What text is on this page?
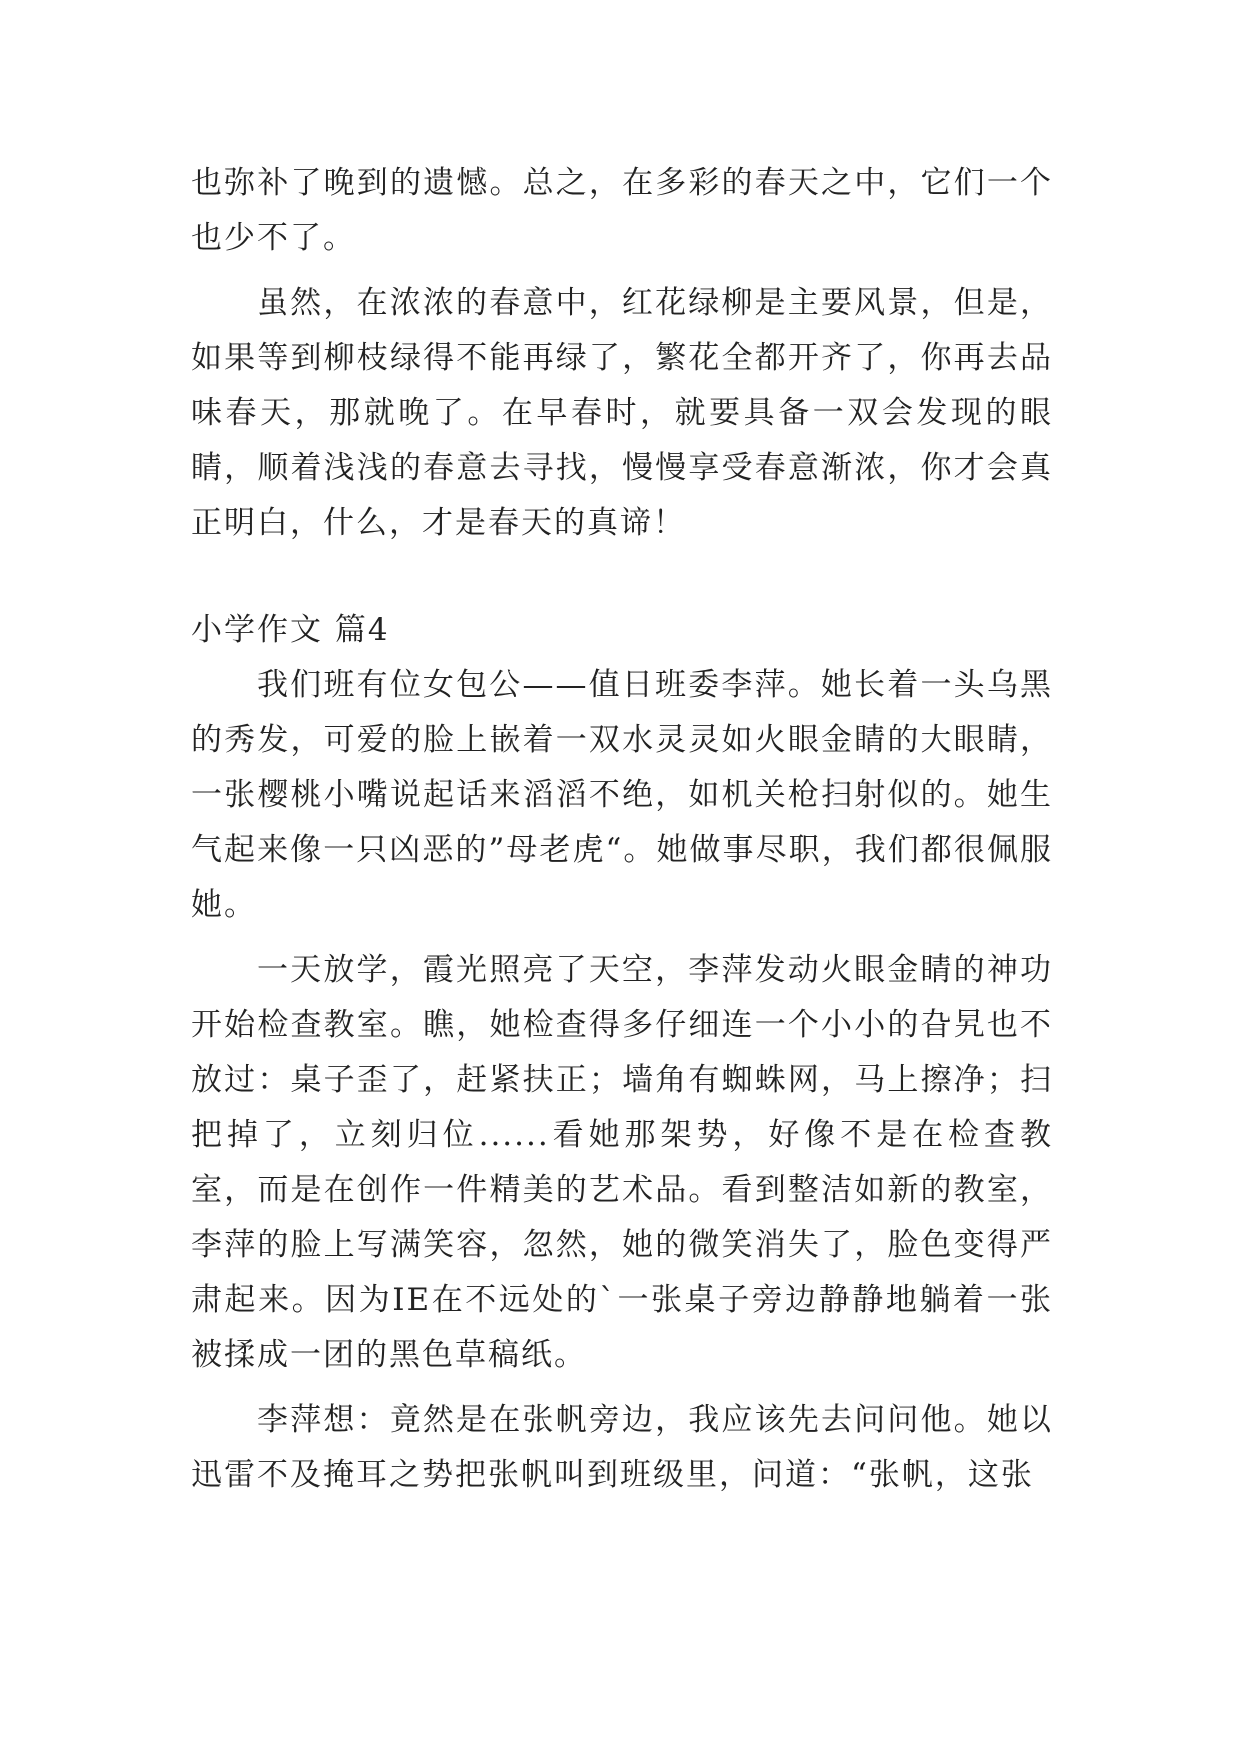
也弥补了晚到的遗憾。总之，在多彩的春天之中，它们一个也少不了。

虽然，在浓浓的春意中，红花绿柳是主要风景，但是，如果等到柳枝绿得不能再绿了，繁花全都开齐了，你再去品味春天，那就晚了。在早春时，就要具备一双会发现的眼睛，顺着浅浅的春意去寻找，慢慢享受春意渐浓，你才会真正明白，什么，才是春天的真谛！

小学作文 篇4

我们班有位女包公——值日班委李萍。她长着一头乌黑的秀发，可爱的脸上嵌着一双水灵灵如火眼金睛的大眼睛，一张樱桃小嘴说起话来滔滔不绝，如机关枪扫射似的。她生气起来像一只凶恶的”母老虎“。她做事尽职，我们都很佩服她。

一天放学，霞光照亮了天空，李萍发动火眼金睛的神功开始检查教室。瞧，她检查得多仔细连一个小小的旮旯也不放过：桌子歪了，赶紧扶正；墙角有蜘蛛网，马上擦净；扫把掉了，立刻归位......看她那架势，好像不是在检查教室，而是在创作一件精美的艺术品。看到整洁如新的教室，李萍的脸上写满笑容，忽然，她的微笑消失了，脸色变得严肃起来。因为IE在不远处的`一张桌子旁边静静地躺着一张被揉成一团的黑色草稿纸。

李萍想：竟然是在张帆旁边，我应该先去问问他。她以迅雷不及掩耳之势把张帆叫到班级里，问道：“张帆，这张
